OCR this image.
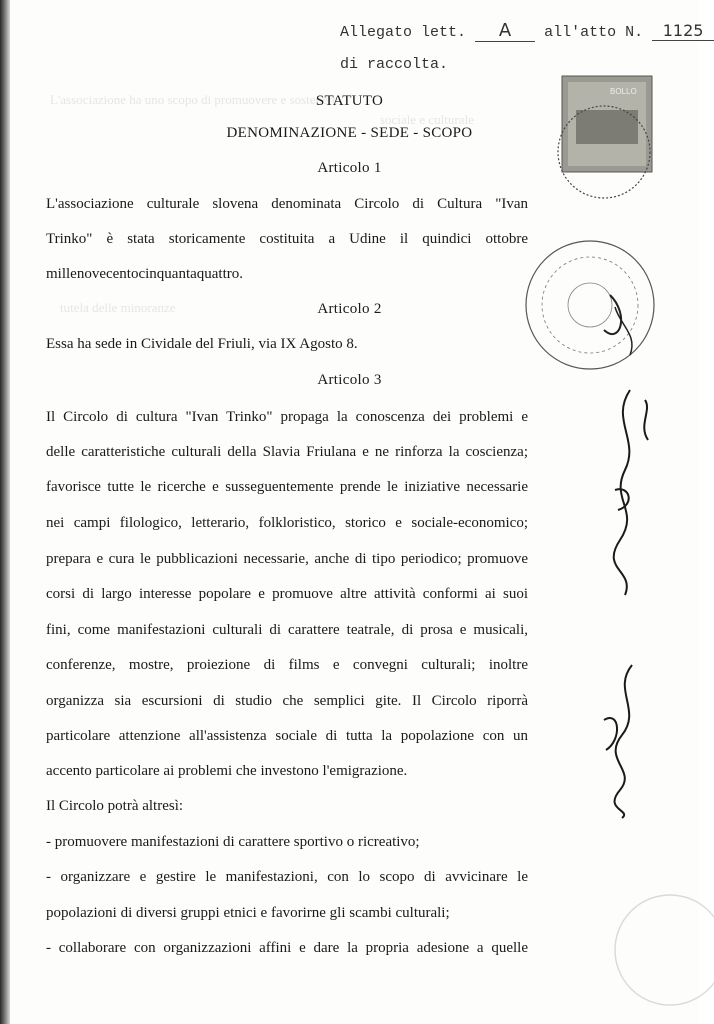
L'associazione ha uno scopo di promuovere e sostenere
sociale e culturale
tutela delle minoranze
Allegato lett. A all'atto N. 1125
di raccolta.
BOLLO
STATUTO
DENOMINAZIONE - SEDE - SCOPO
Articolo 1
L'associazione culturale slovena denominata Circolo di Cultura "Ivan
Trinko" è stata storicamente costituita a Udine il quindici ottobre
millenovecentocinquantaquattro.
Articolo 2
Essa ha sede in Cividale del Friuli, via IX Agosto 8.
Articolo 3
Il Circolo di cultura "Ivan Trinko" propaga la conoscenza dei problemi e
delle caratteristiche culturali della Slavia Friulana e ne rinforza la coscienza;
favorisce tutte le ricerche e susseguentemente prende le iniziative necessarie
nei campi filologico, letterario, folkloristico, storico e sociale-economico;
prepara e cura le pubblicazioni necessarie, anche di tipo periodico; promuove
corsi di largo interesse popolare e promuove altre attività conformi ai suoi
fini, come manifestazioni culturali di carattere teatrale, di prosa e musicali,
conferenze, mostre, proiezione di films e convegni culturali; inoltre
organizza sia escursioni di studio che semplici gite. Il Circolo riporrà
particolare attenzione all'assistenza sociale di tutta la popolazione con un
accento particolare ai problemi che investono l'emigrazione.
Il Circolo potrà altresì:
- promuovere manifestazioni di carattere sportivo o ricreativo;
- organizzare e gestire le manifestazioni, con lo scopo di avvicinare le
popolazioni di diversi gruppi etnici e favorirne gli scambi culturali;
- collaborare con organizzazioni affini e dare la propria adesione a quelle
